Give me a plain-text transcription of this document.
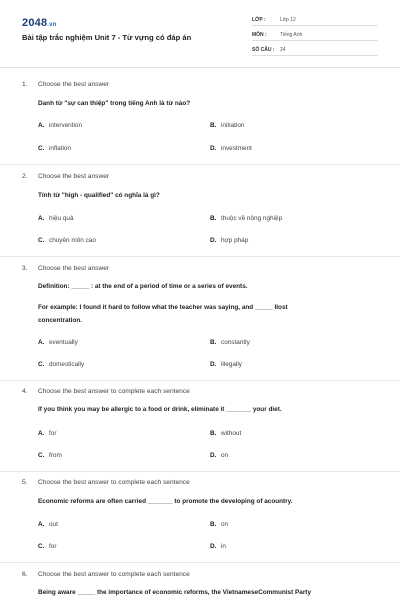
2048.vn
Bài tập trắc nghiệm Unit 7 - Từ vựng có đáp án
LỚP :	Lớp 12
MÔN :	Tiếng Anh
SỐ CÂU :	24
1. Choose the best answer
Danh từ "sự can thiệp" trong tiếng Anh là từ nào?
A. intervention	B. initiation
C. inflation	D. investment
2. Choose the best answer
Tính từ "high - qualified" có nghĩa là gì?
A. hiệu quả	B. thuộc về nông nghiệp
C. chuyên môn cao	D. hợp pháp
3. Choose the best answer
Definition: _____ : at the end of a period of time or a series of events.
For example: I found it hard to follow what the teacher was saying, and _____ Ilost
concentration.
A. eventually	B. constantly
C. domestically	D. illegally
4. Choose the best answer to complete each sentence
If you think you may be allergic to a food or drink, eliminate it _______ your diet.
A. for	B. without
C. from	D. on
5. Choose the best answer to complete each sentence
Economic reforms are often carried _______ to promote the developing of acountry.
A. out	B. on
C. for	D. in
6. Choose the best answer to complete each sentence
Being aware _____ the importance of economic reforms, the VietnameseCommunist Party
